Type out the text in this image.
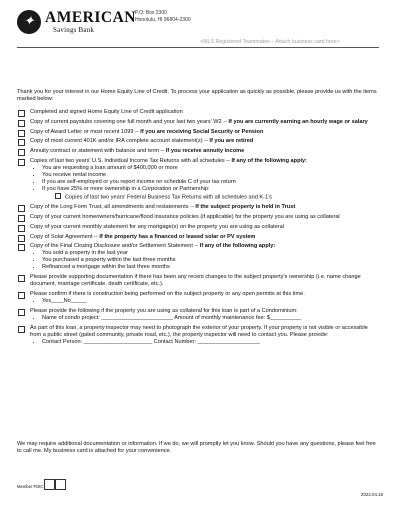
✦ AMERICAN
Savings Bank
P.O. Box 2300
Honolulu, HI 96804-2300
<MLS Registered Teammates – Attach business card here>

Thank you for your interest in our Home Equity Line of Credit. To process your application as quickly as possible, please provide us with the items marked below:

Completed and signed Home Equity Line of Credit application
Copy of current paystubs covering one full month and your last two years' W2 -- If you are currently earning an hourly wage or salary
Copy of Award Letter or most recent 1099 -- If you are receiving Social Security or Pension
Copy of most current 401K and/or IRA complete account statement(s) -- If you are retired
Annuity contract or statement with balance and term -- If you receive annuity income
Copies of last two years' U.S. Individual Income Tax Returns with all schedules -- If any of the following apply:
• You are requesting a loan amount of $400,000 or more
• You receive rental income
• If you are self-employed or you report income on schedule C of your tax return
• If you have 25% or more ownership in a Corporation or Partnership:
Copies of last two years' Federal Business Tax Returns with all schedules and K-1's
Copy of the Long Form Trust, all amendments and restatements -- If the subject property is held in Trust
Copy of your current homeowners/hurricane/flood insurance policies (if applicable) for the property you are using as collateral
Copy of your current monthly statement for any mortgage(s) on the property you are using as collateral
Copy of Solar Agreement -- If the property has a financed or leased solar or PV system
Copy of the Final Closing Disclosure and/or Settlement Statement -- If any of the following apply:
• You sold a property in the last year
• You purchased a property within the last three months
• Refinanced a mortgage within the last three months
Please provide supporting documentation if there has been any recent changes to the subject property's ownership (i.e. name change document, marriage certificate, death certificate, etc.).
Please confirm if there is construction being performed on the subject property or any open permits at this time.
• Yes____No_____
Please provide the following if the property you are using as collateral for this loan is part of a Condominium:
• Name of condo project: _______________________ Amount of monthly maintenance fee: $__________
As part of this loan, a property inspector may need to photograph the exterior of your property. If your property is not visible or accessible from a public street (gated community, private road, etc.), the property inspector will need to contact you. Please provide:
• Contact Person: ______________________ Contact Number: ____________________

We may require additional documentation or information. If we do, we will promptly let you know. Should you have any questions, please feel free to call me. My business card is attached for your convenience.

Member FDIC
2022.04.18
